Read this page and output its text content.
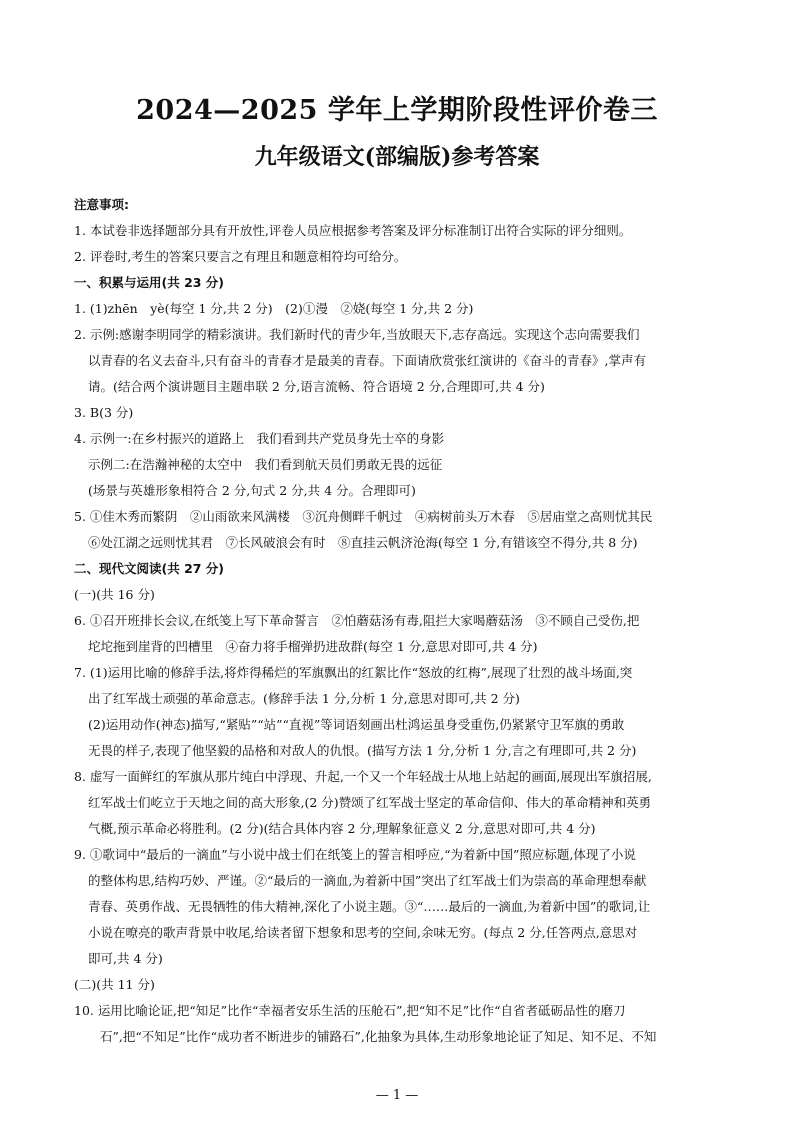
2024—2025 学年上学期阶段性评价卷三
九年级语文(部编版)参考答案
注意事项:
1. 本试卷非选择题部分具有开放性,评卷人员应根据参考答案及评分标准制订出符合实际的评分细则。
2. 评卷时,考生的答案只要言之有理且和题意相符均可给分。
一、积累与运用(共 23 分)
1. (1)zhēn　yè(每空 1 分,共 2 分)　(2)①漫　②娆(每空 1 分,共 2 分)
2. 示例:感谢李明同学的精彩演讲。我们新时代的青少年,当放眼天下,志存高远。实现这个志向需要我们
以青春的名义去奋斗,只有奋斗的青春才是最美的青春。下面请欣赏张红演讲的《奋斗的青春》,掌声有
请。(结合两个演讲题目主题串联 2 分,语言流畅、符合语境 2 分,合理即可,共 4 分)
3. B(3 分)
4. 示例一:在乡村振兴的道路上　我们看到共产党员身先士卒的身影
示例二:在浩瀚神秘的太空中　我们看到航天员们勇敢无畏的远征
(场景与英雄形象相符合 2 分,句式 2 分,共 4 分。合理即可)
5. ①佳木秀而繁阴　②山雨欲来风满楼　③沉舟侧畔千帆过　④病树前头万木春　⑤居庙堂之高则忧其民
⑥处江湖之远则忧其君　⑦长风破浪会有时　⑧直挂云帆济沧海(每空 1 分,有错该空不得分,共 8 分)
二、现代文阅读(共 27 分)
(一)(共 16 分)
6. ①召开班排长会议,在纸笺上写下革命誓言　②怕蘑菇汤有毒,阻拦大家喝蘑菇汤　③不顾自己受伤,把
坨坨拖到崖背的凹槽里　④奋力将手榴弹扔进敌群(每空 1 分,意思对即可,共 4 分)
7. (1)运用比喻的修辞手法,将炸得稀烂的军旗飘出的红絮比作“怒放的红梅”,展现了壮烈的战斗场面,突
出了红军战士顽强的革命意志。(修辞手法 1 分,分析 1 分,意思对即可,共 2 分)
(2)运用动作(神态)描写,“紧贴”“站”“直视”等词语刻画出杜鸿运虽身受重伤,仍紧紧守卫军旗的勇敢
无畏的样子,表现了他坚毅的品格和对敌人的仇恨。(描写方法 1 分,分析 1 分,言之有理即可,共 2 分)
8. 虚写一面鲜红的军旗从那片纯白中浮现、升起,一个又一个年轻战士从地上站起的画面,展现出军旗招展,
红军战士们屹立于天地之间的高大形象,(2 分)赞颂了红军战士坚定的革命信仰、伟大的革命精神和英勇
气概,预示革命必将胜利。(2 分)(结合具体内容 2 分,理解象征意义 2 分,意思对即可,共 4 分)
9. ①歌词中“最后的一滴血”与小说中战士们在纸笺上的誓言相呼应,“为着新中国”照应标题,体现了小说
的整体构思,结构巧妙、严谨。②“最后的一滴血,为着新中国”突出了红军战士们为崇高的革命理想奉献
青春、英勇作战、无畏牺牲的伟大精神,深化了小说主题。③“……最后的一滴血,为着新中国”的歌词,让
小说在嘹亮的歌声背景中收尾,给读者留下想象和思考的空间,余味无穷。(每点 2 分,任答两点,意思对
即可,共 4 分)
(二)(共 11 分)
10. 运用比喻论证,把“知足”比作“幸福者安乐生活的压舱石”,把“知不足”比作“自省者砥砺品性的磨刀
石”,把“不知足”比作“成功者不断进步的铺路石”,化抽象为具体,生动形象地论证了知足、知不足、不知
— 1 —
